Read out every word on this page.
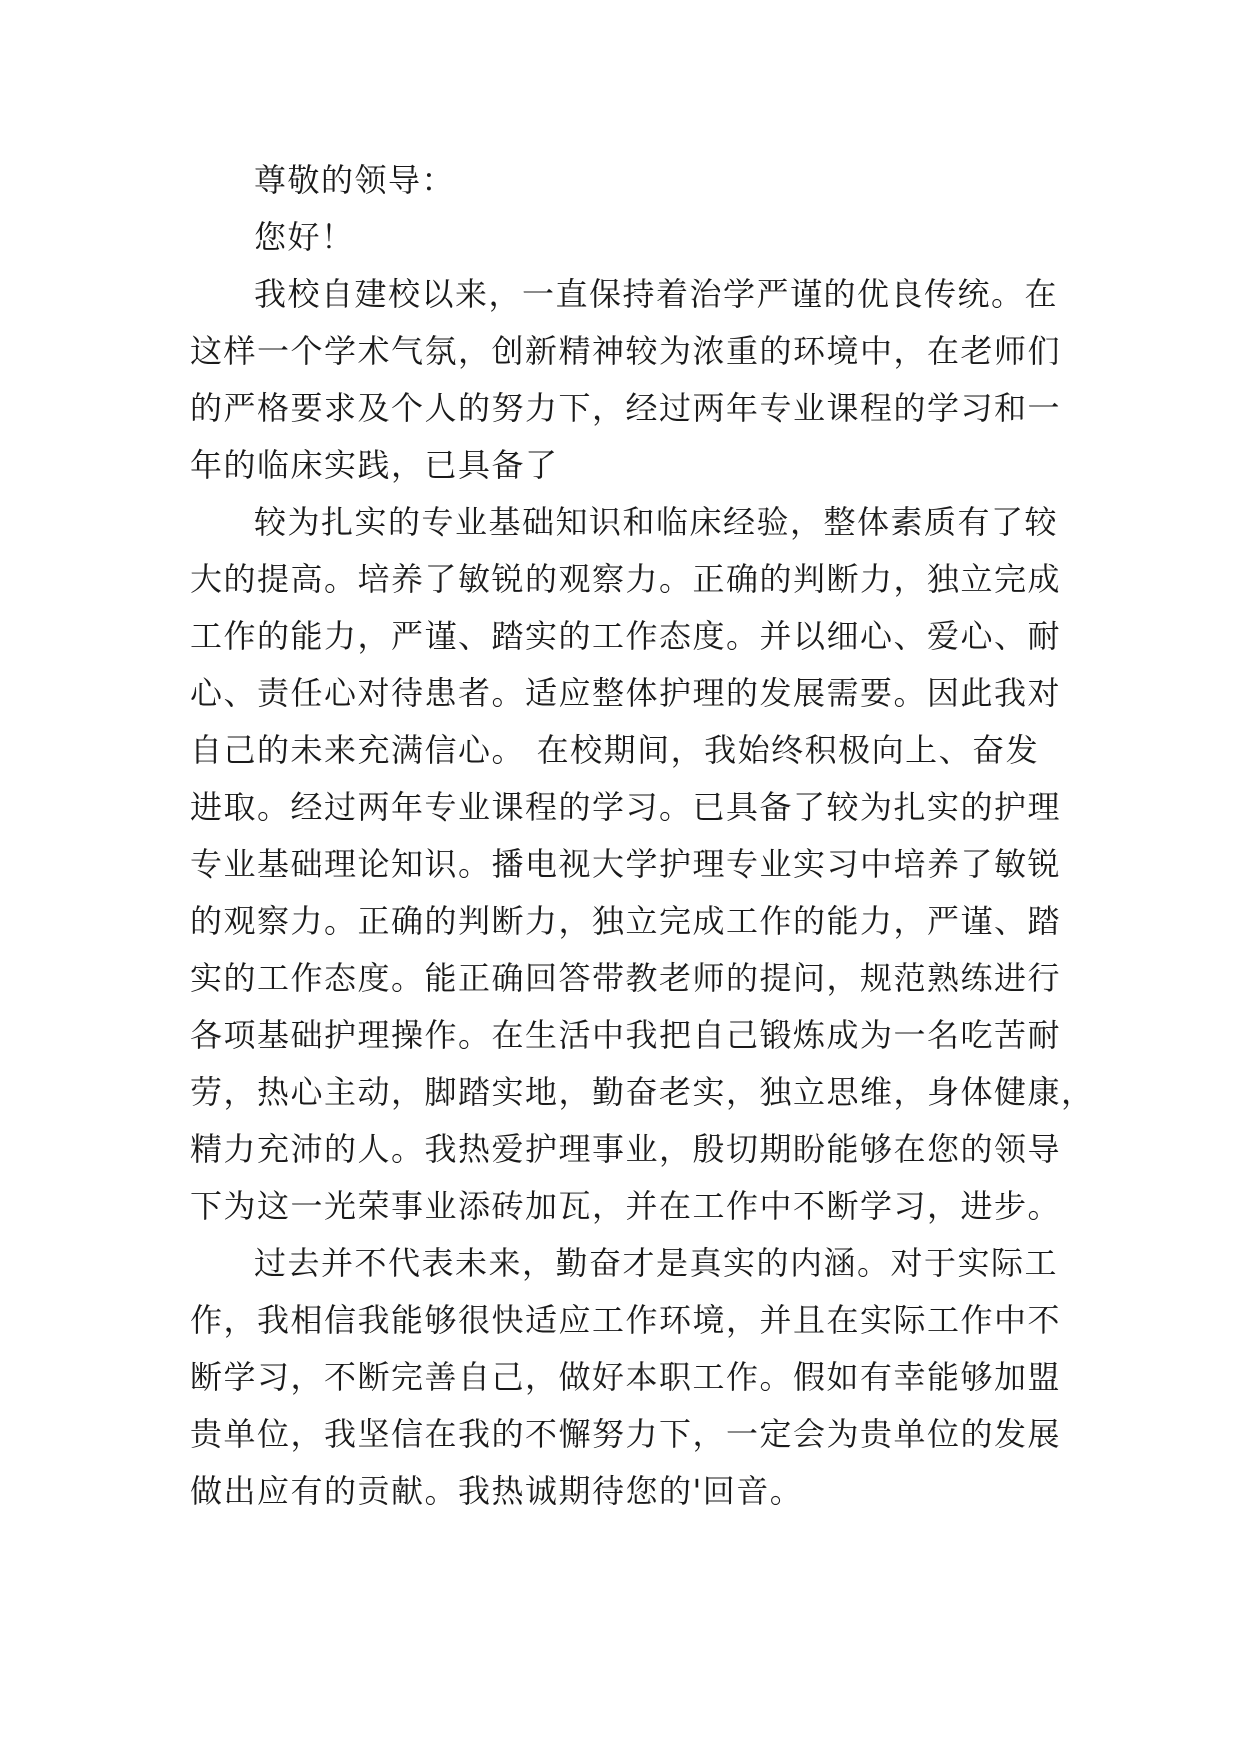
尊敬的领导：
您好！
我校自建校以来，一直保持着治学严谨的优良传统。在
这样一个学术气氛，创新精神较为浓重的环境中，在老师们
的严格要求及个人的努力下，经过两年专业课程的学习和一
年的临床实践，已具备了
较为扎实的专业基础知识和临床经验，整体素质有了较
大的提高。培养了敏锐的观察力。正确的判断力，独立完成
工作的能力，严谨、踏实的工作态度。并以细心、爱心、耐
心、责任心对待患者。适应整体护理的发展需要。因此我对
自己的未来充满信心。 在校期间，我始终积极向上、奋发
进取。经过两年专业课程的学习。已具备了较为扎实的护理
专业基础理论知识。播电视大学护理专业实习中培养了敏锐
的观察力。正确的判断力，独立完成工作的能力，严谨、踏
实的工作态度。能正确回答带教老师的提问，规范熟练进行
各项基础护理操作。在生活中我把自己锻炼成为一名吃苦耐
劳，热心主动，脚踏实地，勤奋老实，独立思维，身体健康，
精力充沛的人。我热爱护理事业，殷切期盼能够在您的领导
下为这一光荣事业添砖加瓦，并在工作中不断学习，进步。
过去并不代表未来，勤奋才是真实的内涵。对于实际工
作，我相信我能够很快适应工作环境，并且在实际工作中不
断学习，不断完善自己，做好本职工作。假如有幸能够加盟
贵单位，我坚信在我的不懈努力下，一定会为贵单位的发展
做出应有的贡献。我热诚期待您的'回音。
